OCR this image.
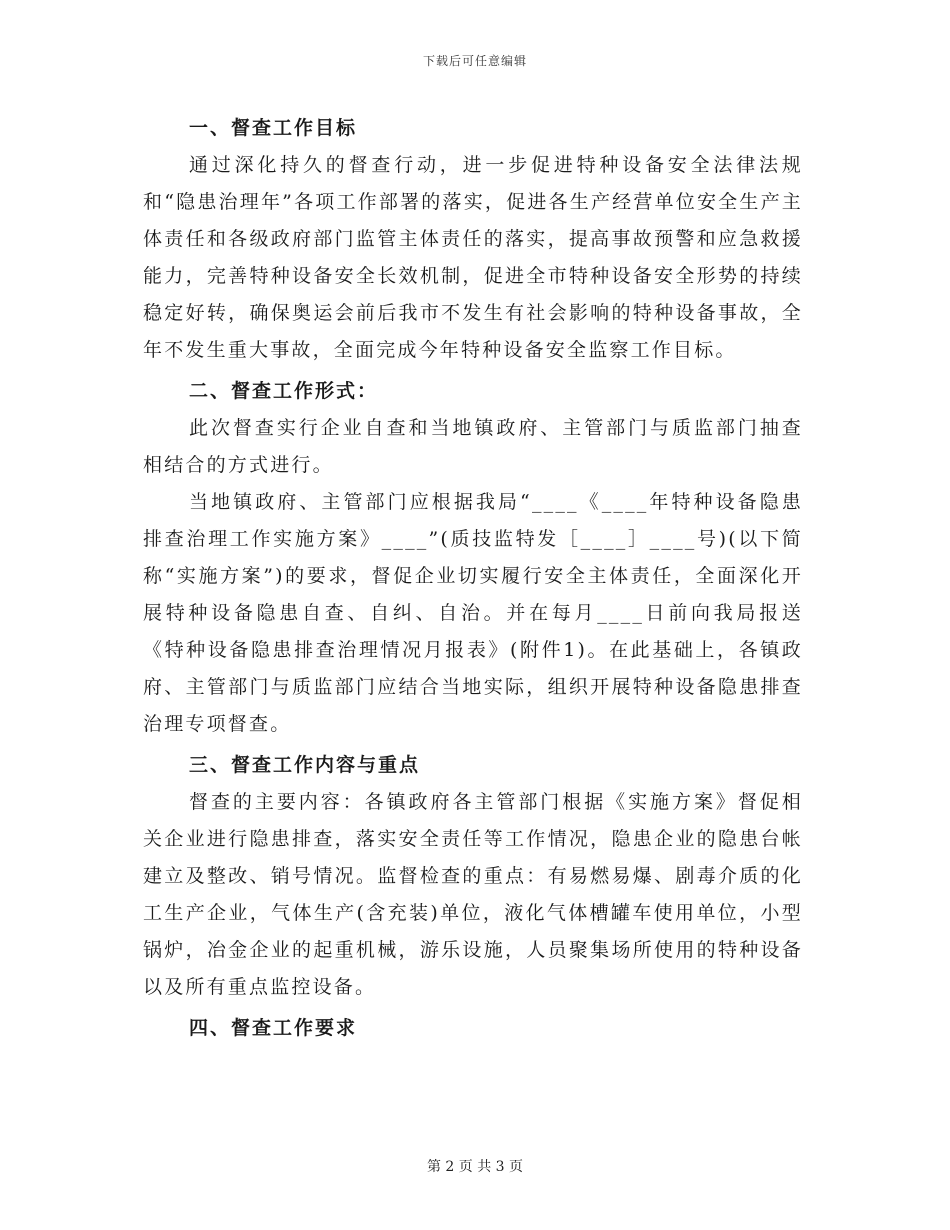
下载后可任意编辑
一、督查工作目标

通过深化持久的督查行动，进一步促进特种设备安全法律法规和“隐患治理年”各项工作部署的落实，促进各生产经营单位安全生产主体责任和各级政府部门监管主体责任的落实，提高事故预警和应急救援能力，完善特种设备安全长效机制，促进全市特种设备安全形势的持续稳定好转，确保奥运会前后我市不发生有社会影响的特种设备事故，全年不发生重大事故，全面完成今年特种设备安全监察工作目标。

二、督查工作形式：

此次督查实行企业自查和当地镇政府、主管部门与质监部门抽查相结合的方式进行。

当地镇政府、主管部门应根据我局“____《____年特种设备隐患排查治理工作实施方案》____”(质技监特发［____］____号)(以下简称“实施方案”)的要求，督促企业切实履行安全主体责任，全面深化开展特种设备隐患自查、自纠、自治。并在每月____日前向我局报送《特种设备隐患排查治理情况月报表》(附件1)。在此基础上，各镇政府、主管部门与质监部门应结合当地实际，组织开展特种设备隐患排查治理专项督查。

三、督查工作内容与重点

督查的主要内容：各镇政府各主管部门根据《实施方案》督促相关企业进行隐患排查，落实安全责任等工作情况，隐患企业的隐患台帐建立及整改、销号情况。监督检查的重点：有易燃易爆、剧毒介质的化工生产企业，气体生产(含充装)单位，液化气体槽罐车使用单位，小型锅炉，冶金企业的起重机械，游乐设施，人员聚集场所使用的特种设备以及所有重点监控设备。

四、督查工作要求
第 2 页 共 3 页
